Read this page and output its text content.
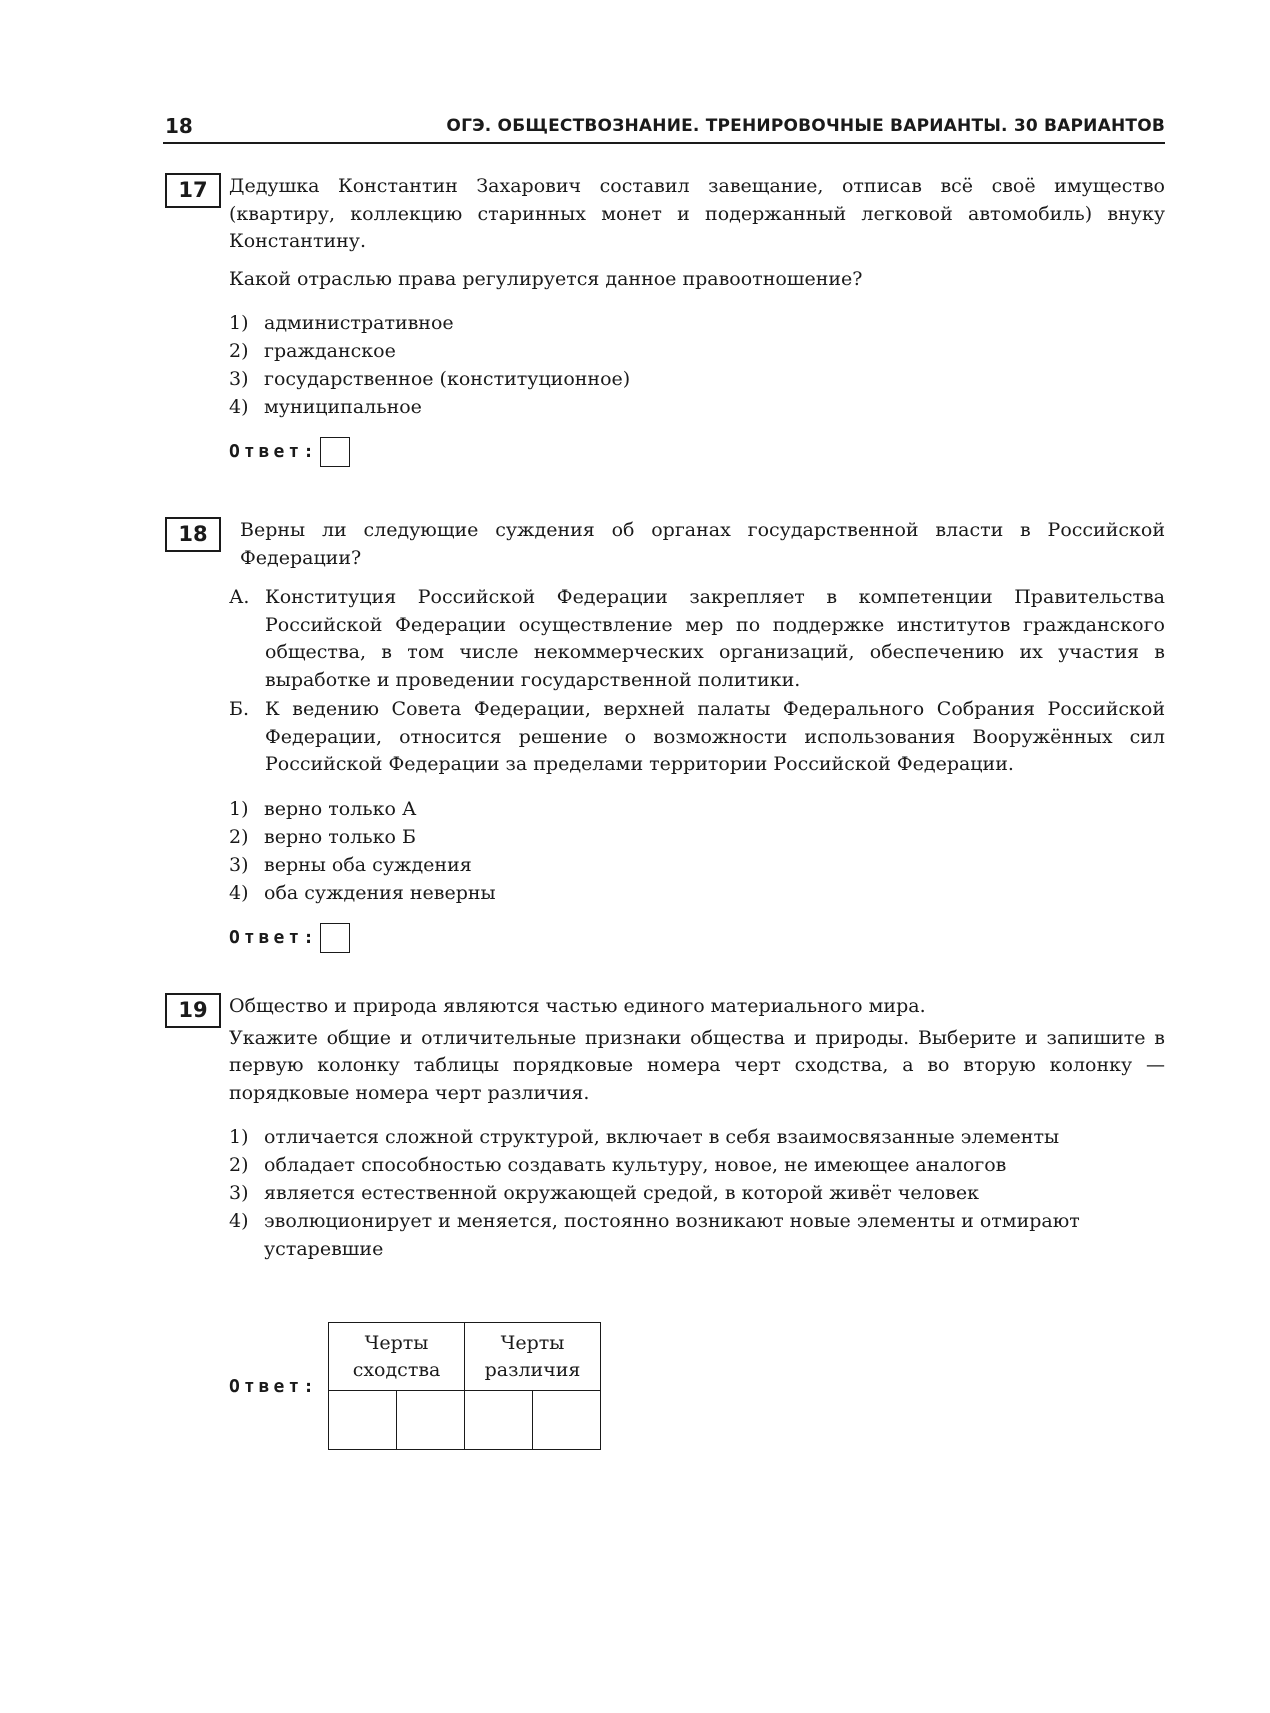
18	ОГЭ. ОБЩЕСТВОЗНАНИЕ. ТРЕНИРОВОЧНЫЕ ВАРИАНТЫ. 30 ВАРИАНТОВ
17	Дедушка Константин Захарович составил завещание, отписав всё своё имущество (квартиру, коллекцию старинных монет и подержанный легковой автомобиль) внуку Константину.

Какой отраслью права регулируется данное правоотношение?

1) административное
2) гражданское
3) государственное (конституционное)
4) муниципальное
Ответ:
18	Верны ли следующие суждения об органах государственной власти в Российской Федерации?

А. Конституция Российской Федерации закрепляет в компетенции Правительства Российской Федерации осуществление мер по поддержке институтов гражданского общества, в том числе некоммерческих организаций, обеспечению их участия в выработке и проведении государственной политики.
Б. К ведению Совета Федерации, верхней палаты Федерального Собрания Российской Федерации, относится решение о возможности использования Вооружённых сил Российской Федерации за пределами территории Российской Федерации.
1) верно только А
2) верно только Б
3) верны оба суждения
4) оба суждения неверны
Ответ:
19	Общество и природа являются частью единого материального мира.

Укажите общие и отличительные признаки общества и природы. Выберите и запишите в первую колонку таблицы порядковые номера черт сходства, а во вторую колонку — порядковые номера черт различия.

1) отличается сложной структурой, включает в себя взаимосвязанные элементы
2) обладает способностью создавать культуру, новое, не имеющее аналогов
3) является естественной окружающей средой, в которой живёт человек
4) эволюционирует и меняется, постоянно возникают новые элементы и отмирают устаревшие
Ответ:
Черты сходства		Черты различия	
